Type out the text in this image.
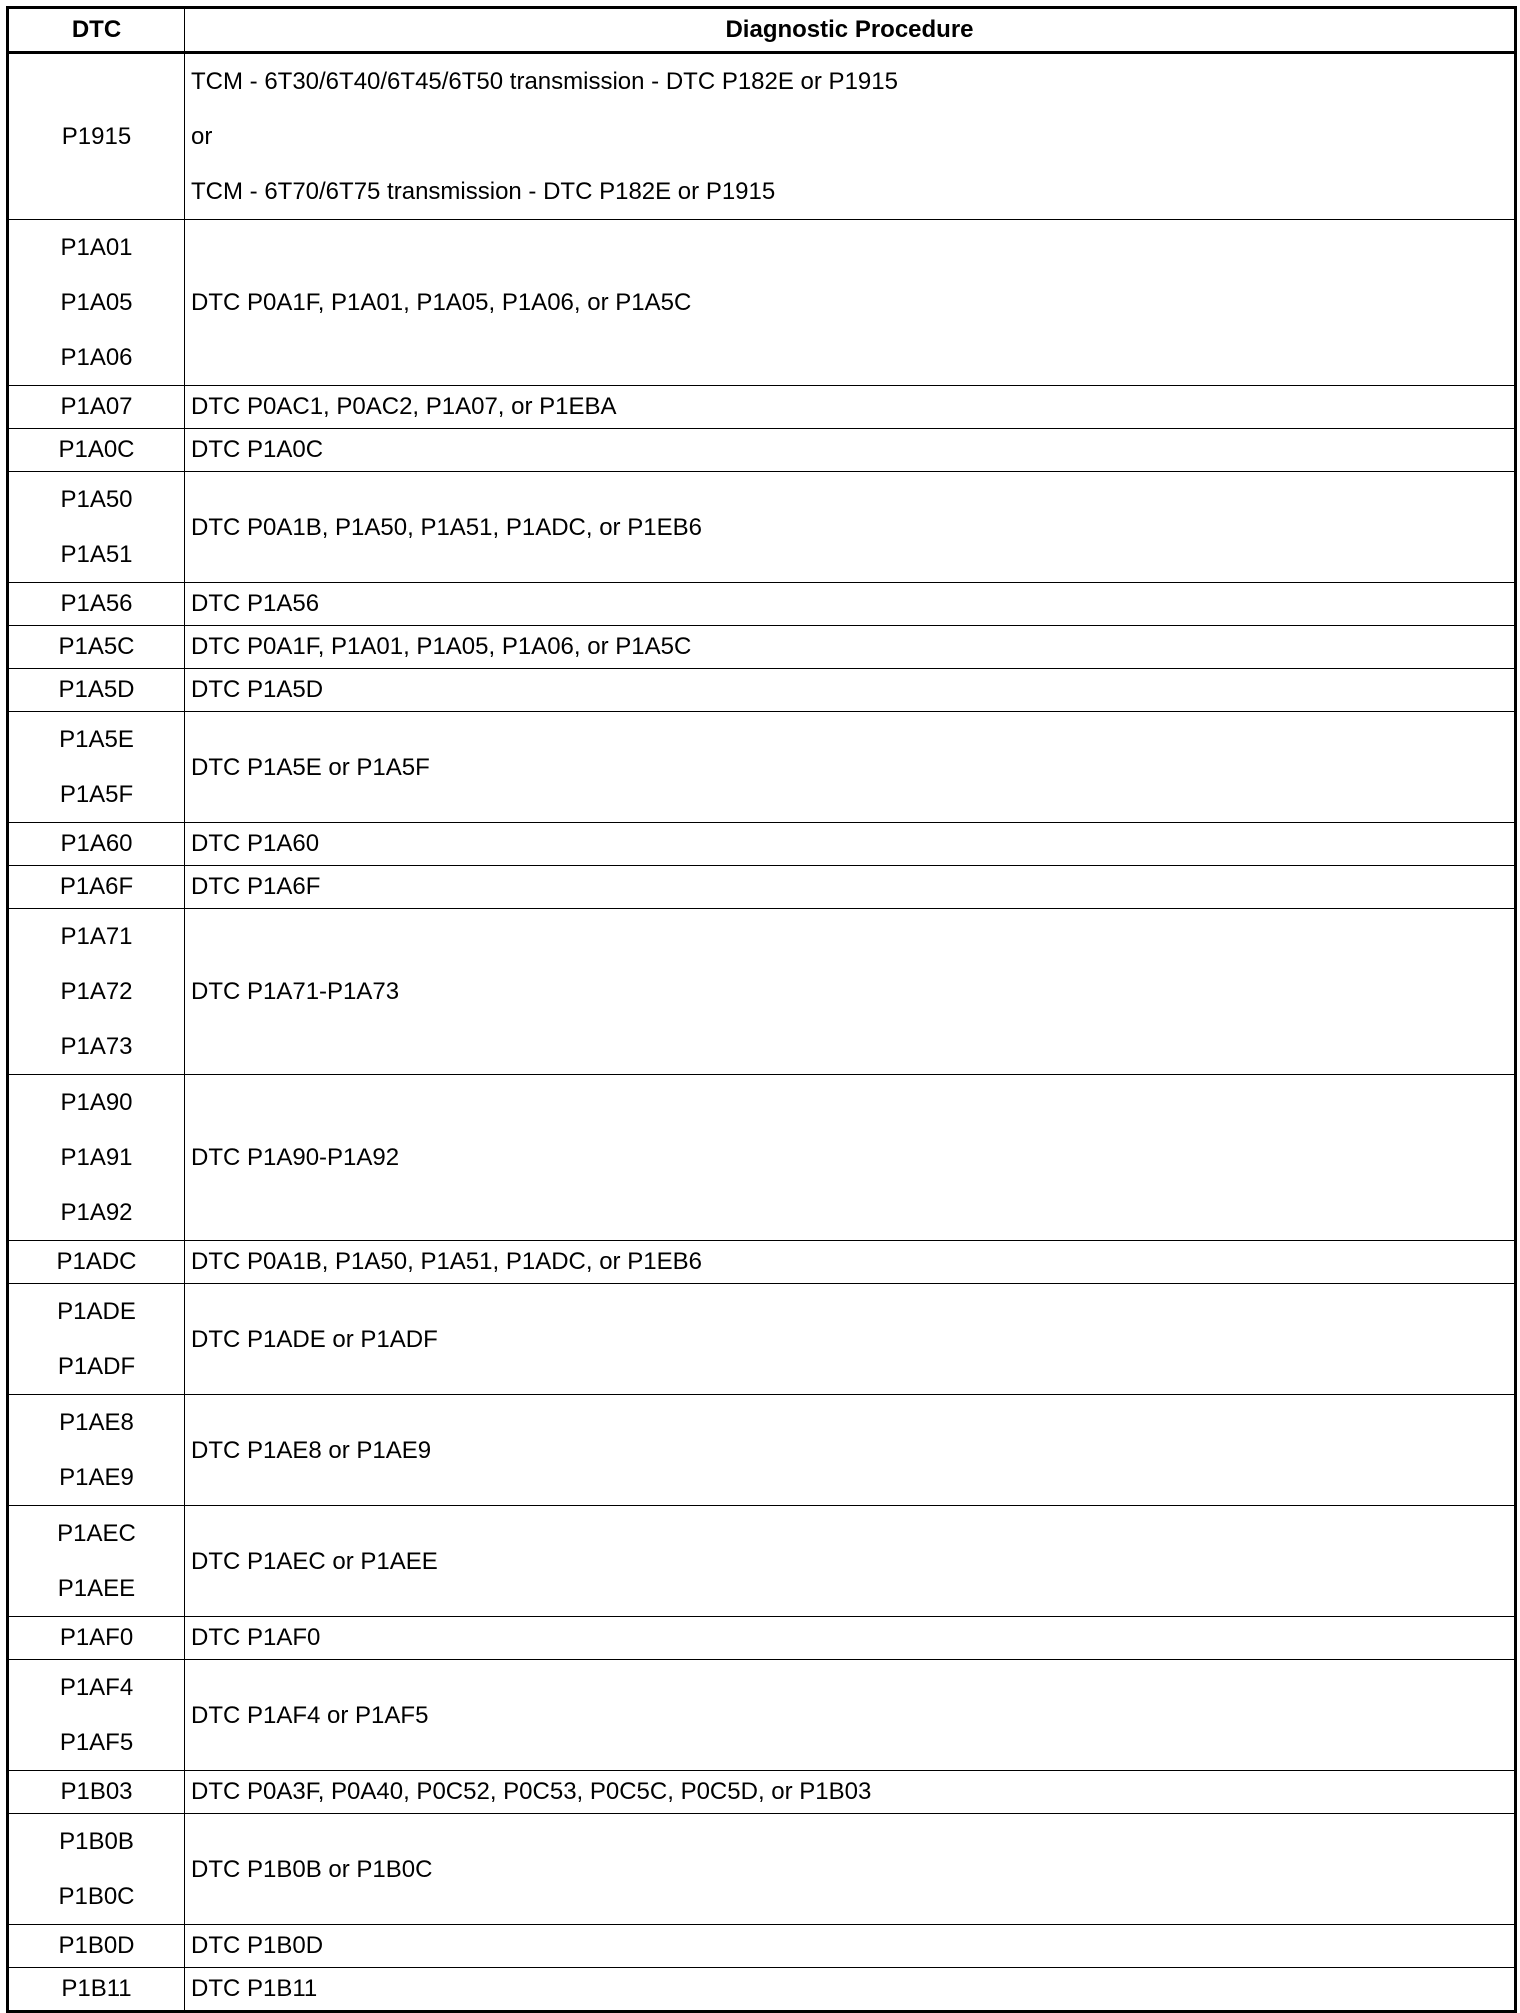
DTC	Diagnostic Procedure

P1915	TCM - 6T30/6T40/6T45/6T50 transmission - DTC P182E or P1915
or
TCM - 6T70/6T75 transmission - DTC P182E or P1915

P1A01
P1A05
P1A06	DTC P0A1F, P1A01, P1A05, P1A06, or P1A5C

P1A07	DTC P0AC1, P0AC2, P1A07, or P1EBA

P1A0C	DTC P1A0C

P1A50
P1A51	DTC P0A1B, P1A50, P1A51, P1ADC, or P1EB6

P1A56	DTC P1A56

P1A5C	DTC P0A1F, P1A01, P1A05, P1A06, or P1A5C

P1A5D	DTC P1A5D

P1A5E
P1A5F	DTC P1A5E or P1A5F

P1A60	DTC P1A60

P1A6F	DTC P1A6F

P1A71
P1A72
P1A73	DTC P1A71-P1A73

P1A90
P1A91
P1A92	DTC P1A90-P1A92

P1ADC	DTC P0A1B, P1A50, P1A51, P1ADC, or P1EB6

P1ADE
P1ADF	DTC P1ADE or P1ADF

P1AE8
P1AE9	DTC P1AE8 or P1AE9

P1AEC
P1AEE	DTC P1AEC or P1AEE

P1AF0	DTC P1AF0

P1AF4
P1AF5	DTC P1AF4 or P1AF5

P1B03	DTC P0A3F, P0A40, P0C52, P0C53, P0C5C, P0C5D, or P1B03

P1B0B
P1B0C	DTC P1B0B or P1B0C

P1B0D	DTC P1B0D

P1B11	DTC P1B11
